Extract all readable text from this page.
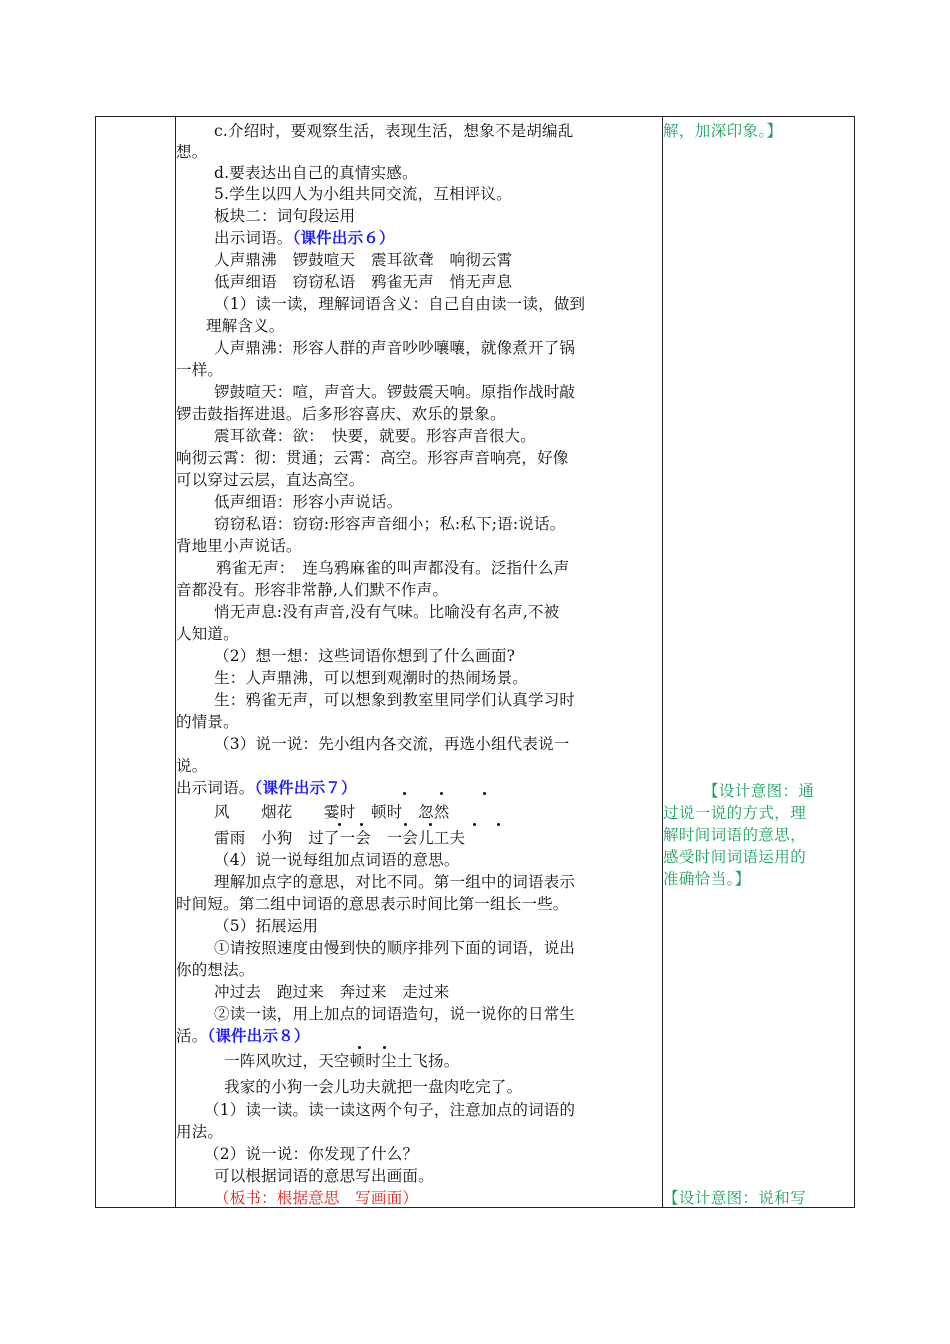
c.介绍时，要观察生活，表现生活，想象不是胡编乱
想。
d.要表达出自己的真情实感。
5.学生以四人为小组共同交流，互相评议。
板块二：词句段运用
出示词语。（课件出示６）
人声鼎沸　锣鼓喧天　震耳欲聋　响彻云霄
低声细语　窃窃私语　鸦雀无声　悄无声息
（1）读一读，理解词语含义：自己自由读一读，做到
理解含义。
人声鼎沸：形容人群的声音吵吵嚷嚷，就像煮开了锅
一样。
锣鼓喧天：喧，声音大。锣鼓震天响。原指作战时敲
锣击鼓指挥进退。后多形容喜庆、欢乐的景象。
震耳欲聋：欲：　快要，就要。形容声音很大。
响彻云霄：彻：贯通；云霄：高空。形容声音响亮，好像
可以穿过云层，直达高空。
低声细语：形容小声说话。
窃窃私语：窃窃:形容声音细小；私:私下;语:说话。
背地里小声说话。
鸦雀无声：　连乌鸦麻雀的叫声都没有。泛指什么声
音都没有。形容非常静,人们默不作声。
悄无声息:没有声音,没有气味。比喻没有名声,不被
人知道。
（2）想一想：这些词语你想到了什么画面?
生：人声鼎沸，可以想到观潮时的热闹场景。
生：鸦雀无声，可以想象到教室里同学们认真学习时
的情景。
（3）说一说：先小组内各交流，再选小组代表说一
说。
出示词语。（课件出示７）
风　　烟花　　霎时　顿时　忽然
雷雨　小狗　过了一会　一会儿工夫
（4）说一说每组加点词语的意思。
理解加点字的意思，对比不同。第一组中的词语表示
时间短。第二组中词语的意思表示时间比第一组长一些。
（5）拓展运用
①请按照速度由慢到快的顺序排列下面的词语，说出
你的想法。
冲过去　跑过来　奔过来　走过来
②读一读，用上加点的词语造句，说一说你的日常生
活。（课件出示８）
一阵风吹过，天空顿时尘土飞扬。
我家的小狗一会儿功夫就把一盘肉吃完了。
（1）读一读。读一读这两个句子，注意加点的词语的
用法。
（2）说一说：你发现了什么？
可以根据词语的意思写出画面。
（板书：根据意思　写画面）
解，加深印象。】
【设计意图：通
过说一说的方式，理
解时间词语的意思，
感受时间词语运用的
准确恰当。】
【设计意图：说和写
